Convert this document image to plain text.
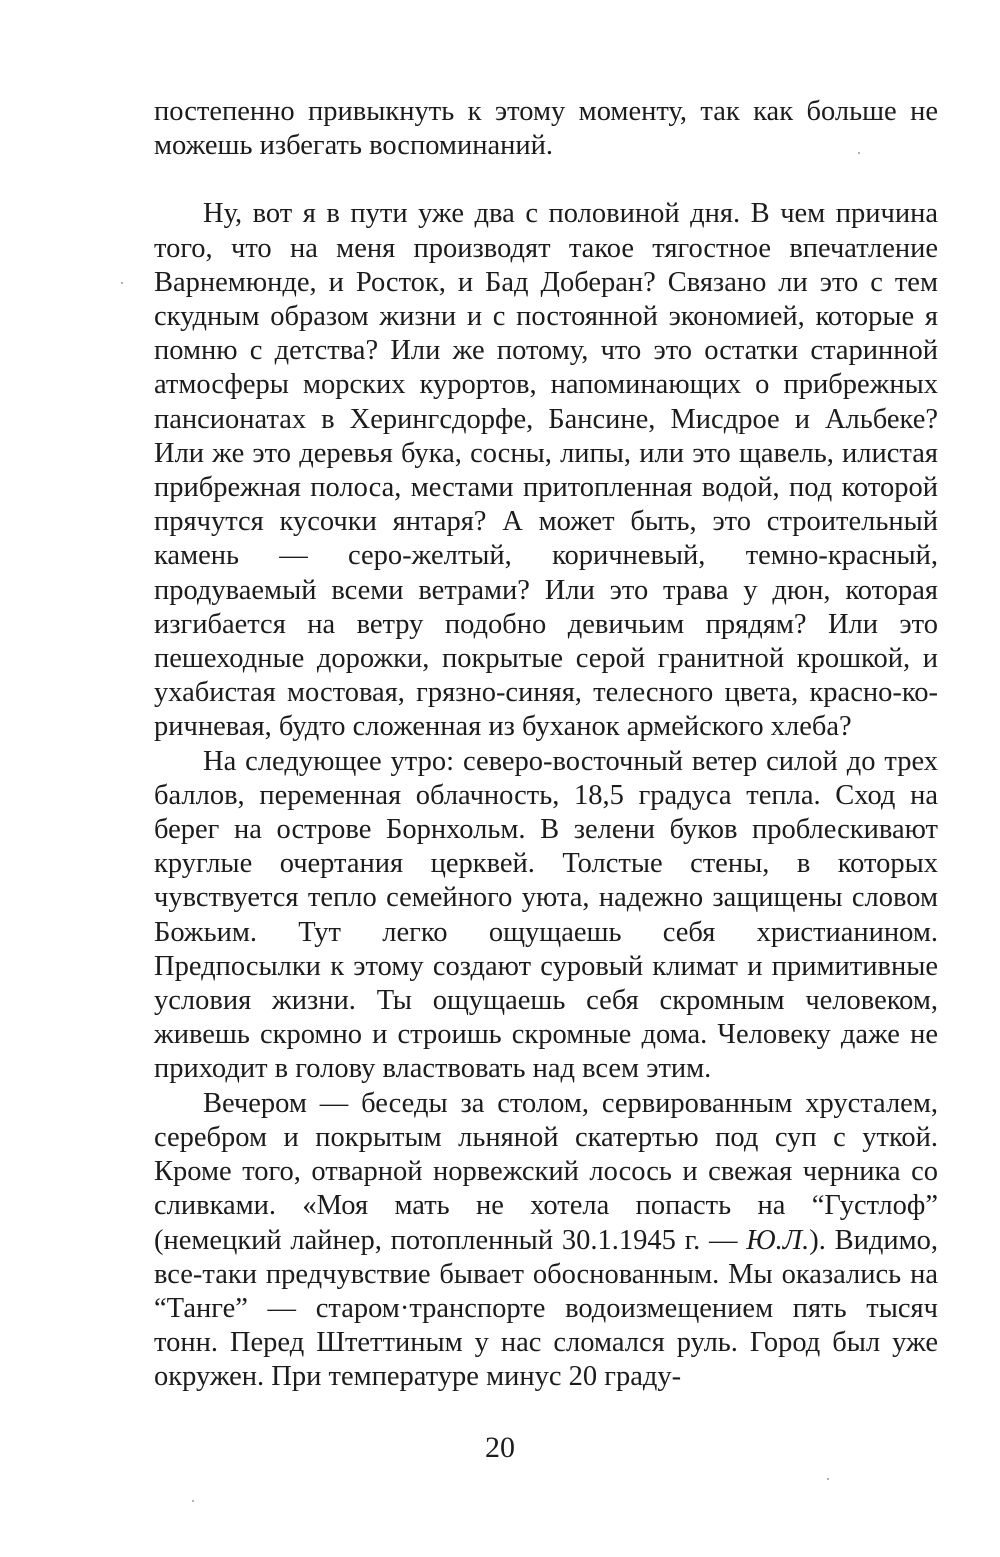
постепенно привыкнуть к этому моменту, так как больше не можешь избегать воспоминаний.

Ну, вот я в пути уже два с половиной дня. В чем причина того, что на меня производят такое тягостное впечатление Варнемюнде, и Росток, и Бад Доберан? Связано ли это с тем скудным образом жизни и с постоянной экономией, которые я помню с детства? Или же потому, что это остатки старинной атмосферы морских курортов, напоминающих о прибрежных пансионатах в Херингсдорфе, Бансине, Мисдрое и Альбеке? Или же это деревья бука, сосны, липы, или это щавель, илистая прибрежная полоса, местами притопленная водой, под которой прячутся кусочки янтаря? А может быть, это строительный камень — серо-желтый, коричневый, темно-красный, продуваемый всеми ветрами? Или это трава у дюн, которая изгибается на ветру подобно девичьим прядям? Или это пешеходные дорожки, покрытые серой гранитной крошкой, и ухабистая мостовая, грязно-синяя, телесного цвета, красно-коричневая, будто сложенная из буханок армейского хлеба?

На следующее утро: северо-восточный ветер силой до трех баллов, переменная облачность, 18,5 градуса тепла. Сход на берег на острове Борнхольм. В зелени буков проблескивают круглые очертания церквей. Толстые стены, в которых чувствуется тепло семейного уюта, надежно защищены словом Божьим. Тут легко ощущаешь себя христианином. Предпосылки к этому создают суровый климат и примитивные условия жизни. Ты ощущаешь себя скромным человеком, живешь скромно и строишь скромные дома. Человеку даже не приходит в голову властвовать над всем этим.

Вечером — беседы за столом, сервированным хрусталем, серебром и покрытым льняной скатертью под суп с уткой. Кроме того, отварной норвежский лосось и свежая черника со сливками. «Моя мать не хотела попасть на “Густлоф” (немецкий лайнер, потопленный 30.1.1945 г. — Ю.Л.). Видимо, все-таки предчувствие бывает обоснованным. Мы оказались на “Танге” — старом·транспорте водоизмещением пять тысяч тонн. Перед Штеттиным у нас сломался руль. Город был уже окружен. При температуре минус 20 граду-

20
